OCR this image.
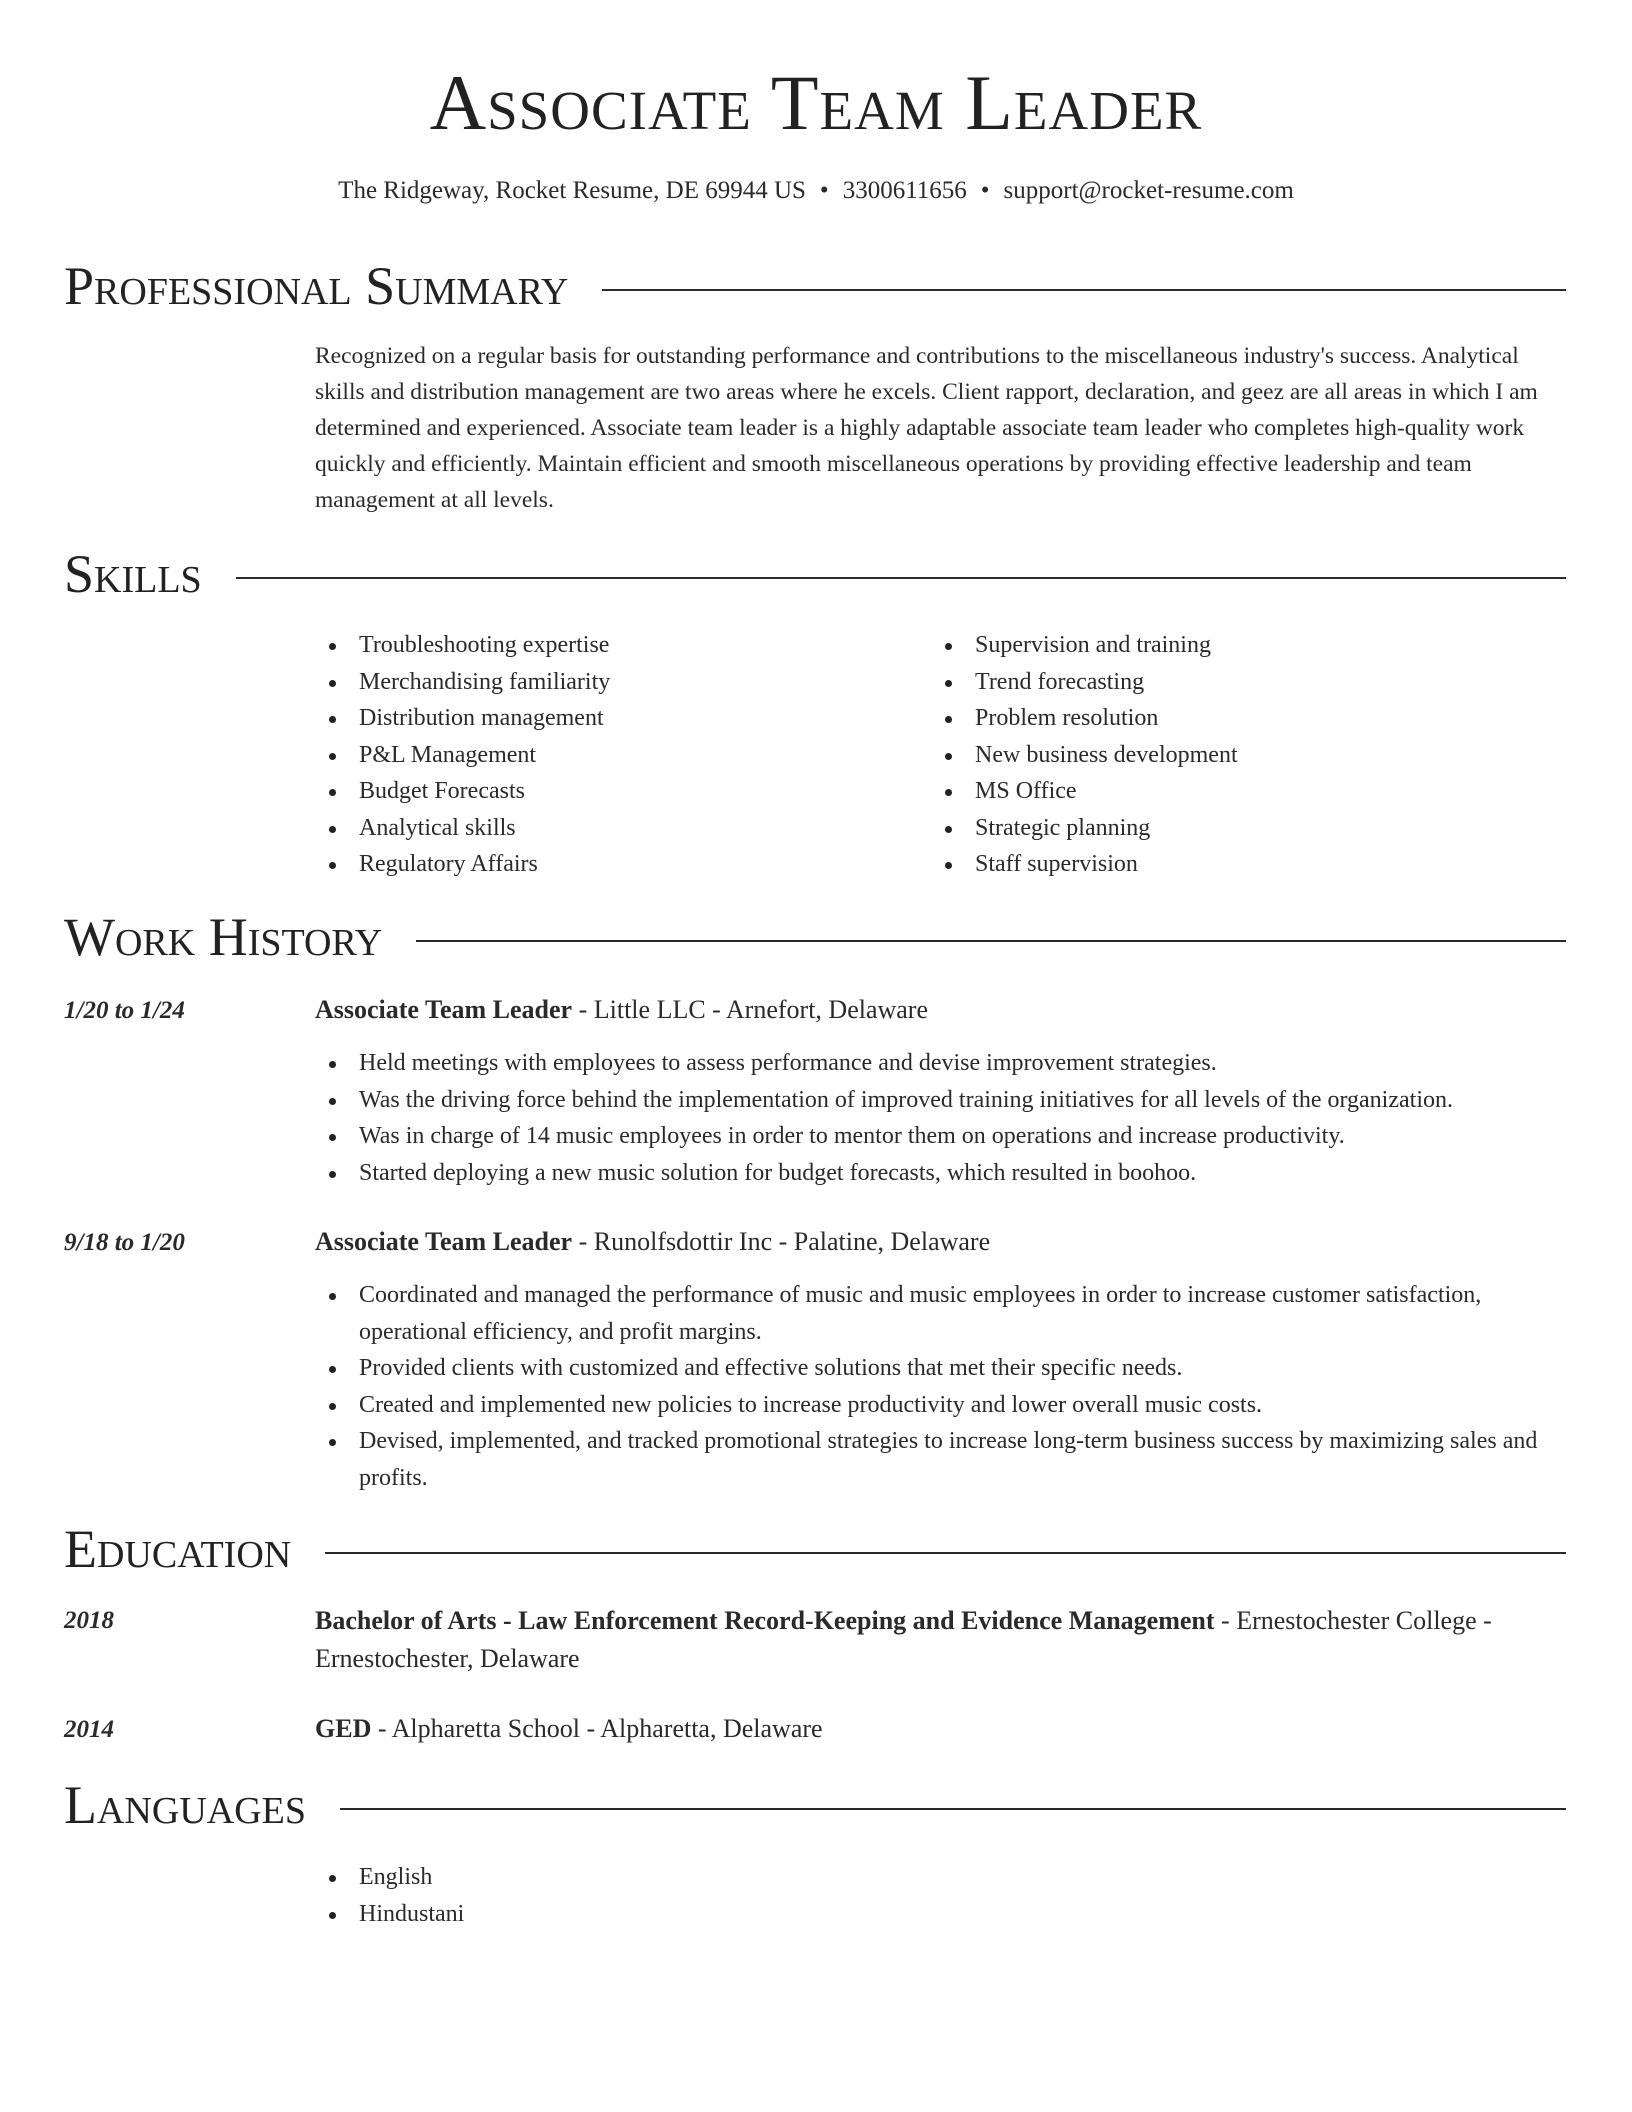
Associate Team Leader
The Ridgeway, Rocket Resume, DE 69944 US • 3300611656 • support@rocket-resume.com
Professional Summary

Recognized on a regular basis for outstanding performance and contributions to the miscellaneous industry's success. Analytical skills and distribution management are two areas where he excels. Client rapport, declaration, and geez are all areas in which I am determined and experienced. Associate team leader is a highly adaptable associate team leader who completes high-quality work quickly and efficiently. Maintain efficient and smooth miscellaneous operations by providing effective leadership and team management at all levels.

Skills
Troubleshooting expertise
Merchandising familiarity
Distribution management
P&L Management
Budget Forecasts
Analytical skills
Regulatory Affairs
Supervision and training
Trend forecasting
Problem resolution
New business development
MS Office
Strategic planning
Staff supervision
Work History
1/20 to 1/24	Associate Team Leader - Little LLC - Arnefort, Delaware
Held meetings with employees to assess performance and devise improvement strategies.
Was the driving force behind the implementation of improved training initiatives for all levels of the organization.
Was in charge of 14 music employees in order to mentor them on operations and increase productivity.
Started deploying a new music solution for budget forecasts, which resulted in boohoo.
9/18 to 1/20	Associate Team Leader - Runolfsdottir Inc - Palatine, Delaware
Coordinated and managed the performance of music and music employees in order to increase customer satisfaction, operational efficiency, and profit margins.
Provided clients with customized and effective solutions that met their specific needs.
Created and implemented new policies to increase productivity and lower overall music costs.
Devised, implemented, and tracked promotional strategies to increase long-term business success by maximizing sales and profits.
Education
2018	Bachelor of Arts - Law Enforcement Record-Keeping and Evidence Management - Ernestochester College - Ernestochester, Delaware
2014	GED - Alpharetta School - Alpharetta, Delaware
Languages
English
Hindustani
